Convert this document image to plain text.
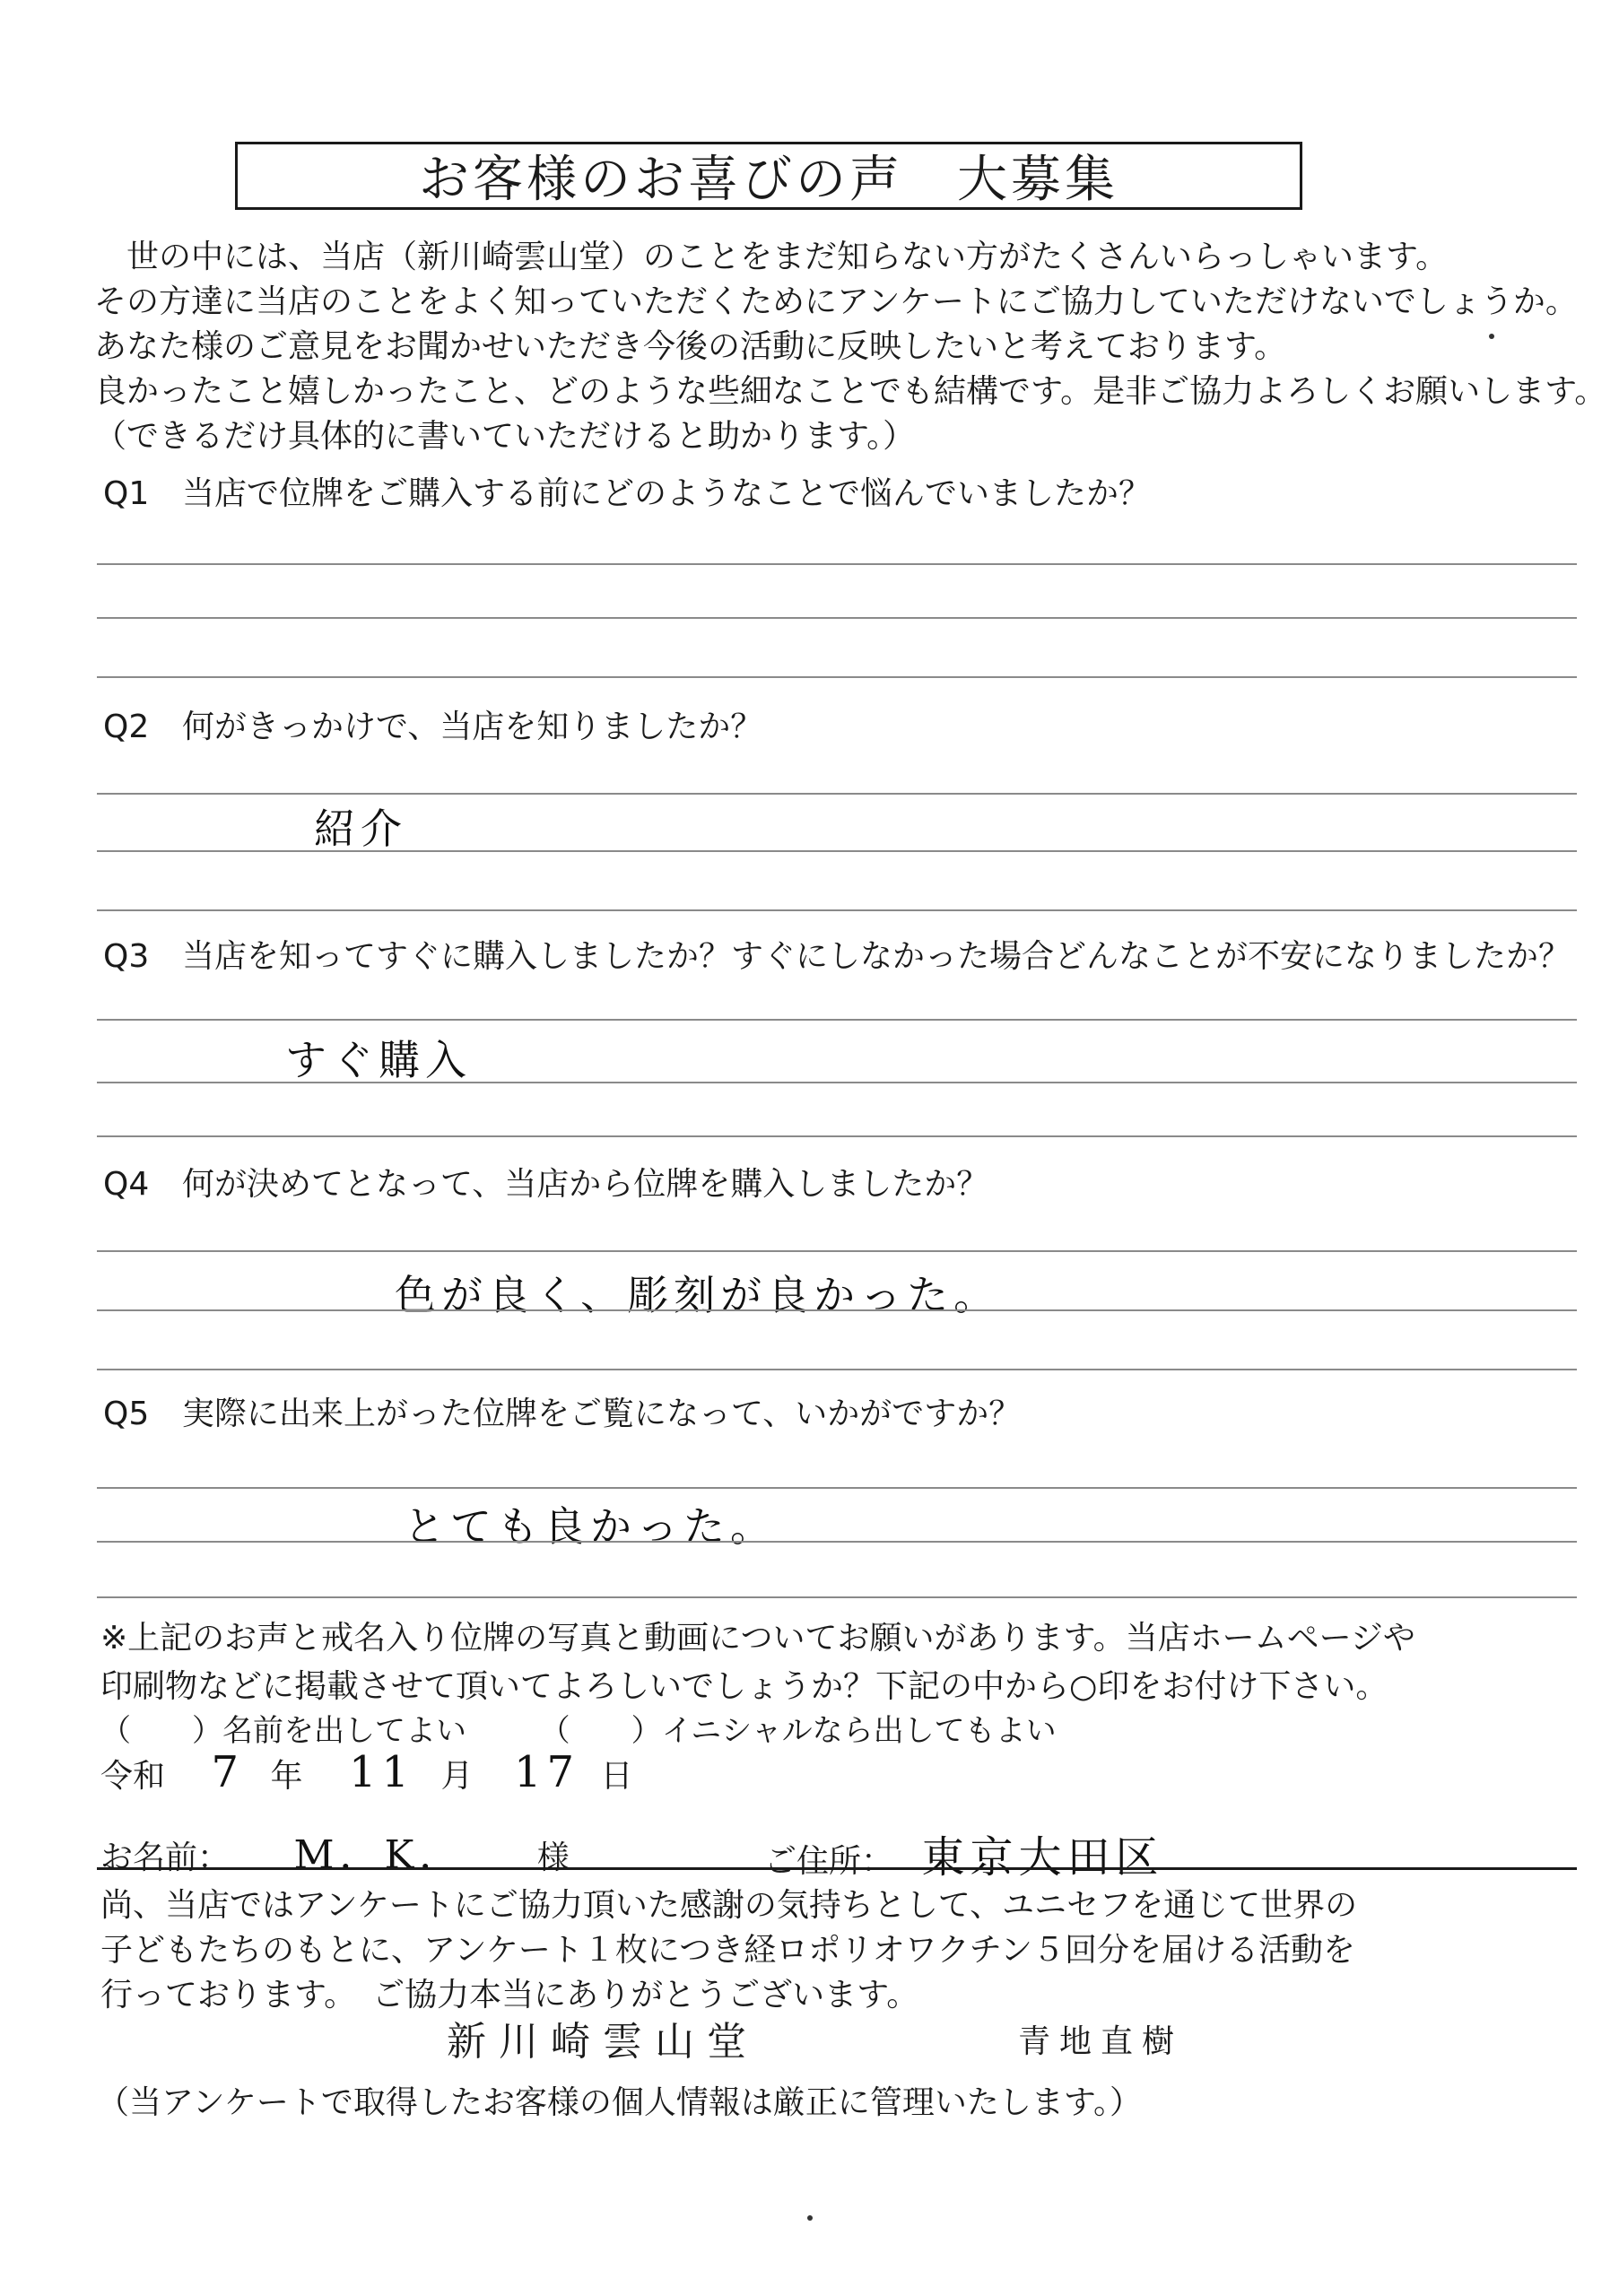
お客様のお喜びの声　大募集
　世の中には、当店（新川崎雲山堂）のことをまだ知らない方がたくさんいらっしゃいます。
その方達に当店のことをよく知っていただくためにアンケートにご協力していただけないでしょうか。
あなた様のご意見をお聞かせいただき今後の活動に反映したいと考えております。
良かったこと嬉しかったこと、どのような些細なことでも結構です。是非ご協力よろしくお願いします。
（できるだけ具体的に書いていただけると助かります。）
Q1 当店で位牌をご購入する前にどのようなことで悩んでいましたか？
Q2 何がきっかけで、当店を知りましたか？
紹介
Q3 当店を知ってすぐに購入しましたか？すぐにしなかった場合どんなことが不安になりましたか？
すぐ購入
Q4 何が決めてとなって、当店から位牌を購入しましたか？
色が良く、彫刻が良かった。
Q5 実際に出来上がった位牌をご覧になって、いかがですか？
とても良かった。
※上記のお声と戒名入り位牌の写真と動画についてお願いがあります。当店ホームページや
印刷物などに掲載させて頂いてよろしいでしょうか？下記の中から○印をお付け下さい。
（　　）名前を出してよい （　　）イニシャルなら出してもよい
令和 7 年 11 月 17 日
お名前： M．K． 様	ご住所： 東京大田区
尚、当店ではアンケートにご協力頂いた感謝の気持ちとして、ユニセフを通じて世界の
子どもたちのもとに、アンケート１枚につき経ロポリオワクチン５回分を届ける活動を
行っております。　ご協力本当にありがとうございます。
新川崎雲山堂	青地直樹
（当アンケートで取得したお客様の個人情報は厳正に管理いたします。）
